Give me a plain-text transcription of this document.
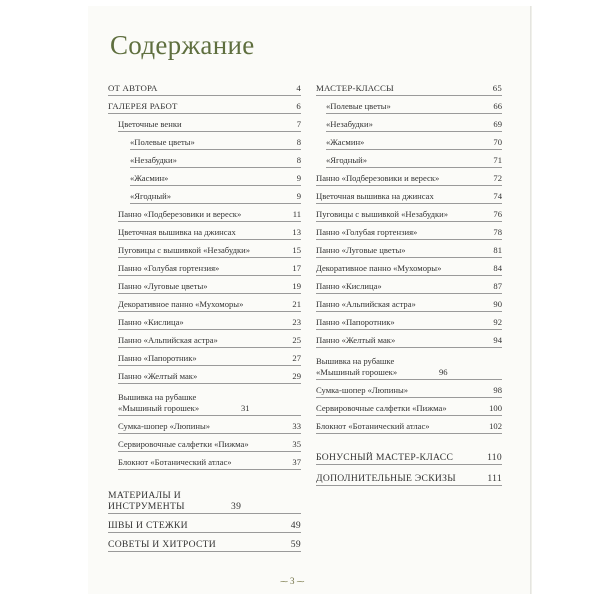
Содержание
ОТ АВТОРА	4
ГАЛЕРЕЯ РАБОТ	6
Цветочные венки	7
«Полевые цветы»	8
«Незабудки»	8
«Жасмин»	9
«Ягодный»	9
Панно «Подберезовики и вереск»	11
Цветочная вышивка на джинсах	13
Пуговицы с вышивкой «Незабудки»	15
Панно «Голубая гортензия»	17
Панно «Луговые цветы»	19
Декоративное панно «Мухоморы»	21
Панно «Кислица»	23
Панно «Альпийская астра»	25
Панно «Папоротник»	27
Панно «Желтый мак»	29
Вышивка на рубашке «Мышиный горошек»	31
Сумка-шопер «Люпины»	33
Сервировочные салфетки «Пижма»	35
Блокнот «Ботанический атлас»	37
МАСТЕР-КЛАССЫ	65
«Полевые цветы»	66
«Незабудки»	69
«Жасмин»	70
«Ягодный»	71
Панно «Подберезовики и вереск»	72
Цветочная вышивка на джинсах	74
Пуговицы с вышивкой «Незабудки»	76
Панно «Голубая гортензия»	78
Панно «Луговые цветы»	81
Декоративное панно «Мухоморы»	84
Панно «Кислица»	87
Панно «Альпийская астра»	90
Панно «Папоротник»	92
Панно «Желтый мак»	94
Вышивка на рубашке «Мышиный горошек»	96
Сумка-шопер «Люпины»	98
Сервировочные салфетки «Пижма»	100
Блокнот «Ботанический атлас»	102
МАТЕРИАЛЫ И ИНСТРУМЕНТЫ	39
ШВЫ И СТЕЖКИ	49
СОВЕТЫ И ХИТРОСТИ	59
БОНУСНЫЙ МАСТЕР-КЛАСС	110
ДОПОЛНИТЕЛЬНЫЕ ЭСКИЗЫ	111
⁓ 3 ⁓
